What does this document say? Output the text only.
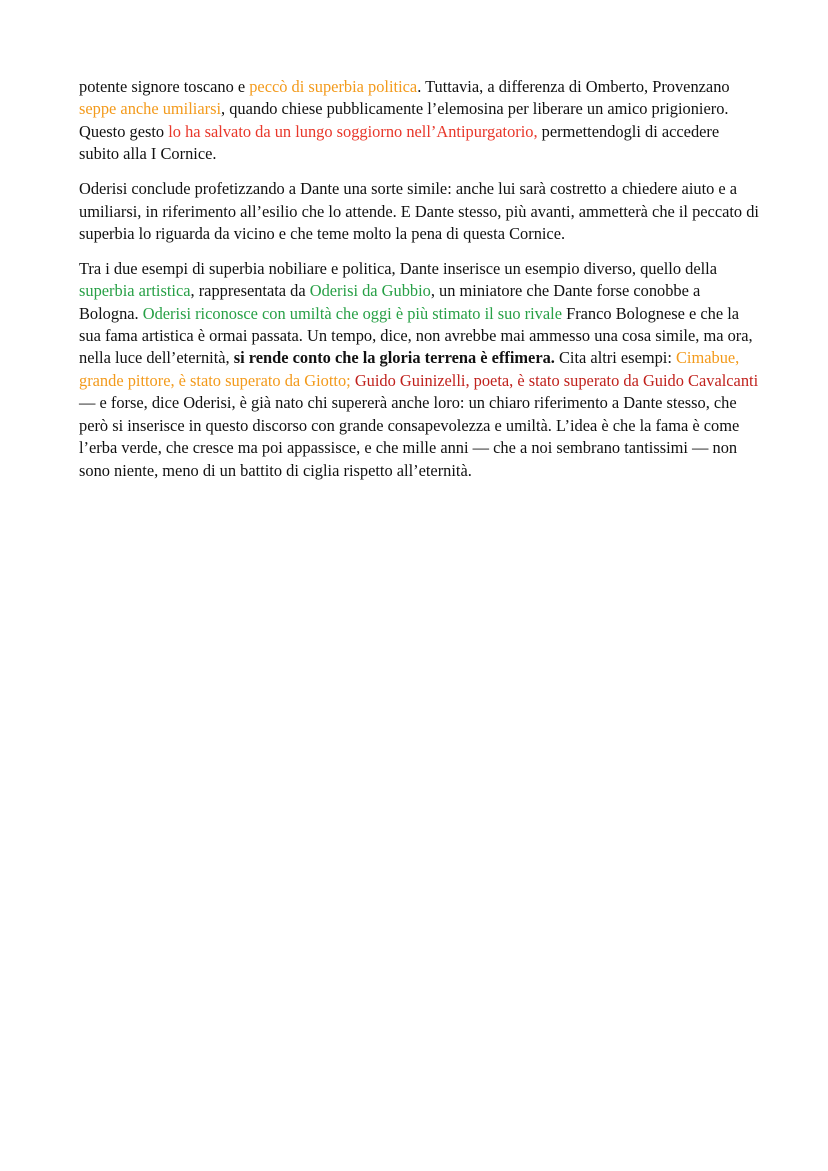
potente signore toscano e peccò di superbia politica. Tuttavia, a differenza di Omberto, Provenzano seppe anche umiliarsi, quando chiese pubblicamente l’elemosina per liberare un amico prigioniero. Questo gesto lo ha salvato da un lungo soggiorno nell’Antipurgatorio, permettendogli di accedere subito alla I Cornice.

Oderisi conclude profetizzando a Dante una sorte simile: anche lui sarà costretto a chiedere aiuto e a umiliarsi, in riferimento all’esilio che lo attende. E Dante stesso, più avanti, ammetterà che il peccato di superbia lo riguarda da vicino e che teme molto la pena di questa Cornice.

Tra i due esempi di superbia nobiliare e politica, Dante inserisce un esempio diverso, quello della superbia artistica, rappresentata da Oderisi da Gubbio, un miniatore che Dante forse conobbe a Bologna. Oderisi riconosce con umiltà che oggi è più stimato il suo rivale Franco Bolognese e che la sua fama artistica è ormai passata. Un tempo, dice, non avrebbe mai ammesso una cosa simile, ma ora, nella luce dell’eternità, si rende conto che la gloria terrena è effimera. Cita altri esempi: Cimabue, grande pittore, è stato superato da Giotto; Guido Guinizelli, poeta, è stato superato da Guido Cavalcanti — e forse, dice Oderisi, è già nato chi supererà anche loro: un chiaro riferimento a Dante stesso, che però si inserisce in questo discorso con grande consapevolezza e umiltà. L’idea è che la fama è come l’erba verde, che cresce ma poi appassisce, e che mille anni — che a noi sembrano tantissimi — non sono niente, meno di un battito di ciglia rispetto all’eternità.
